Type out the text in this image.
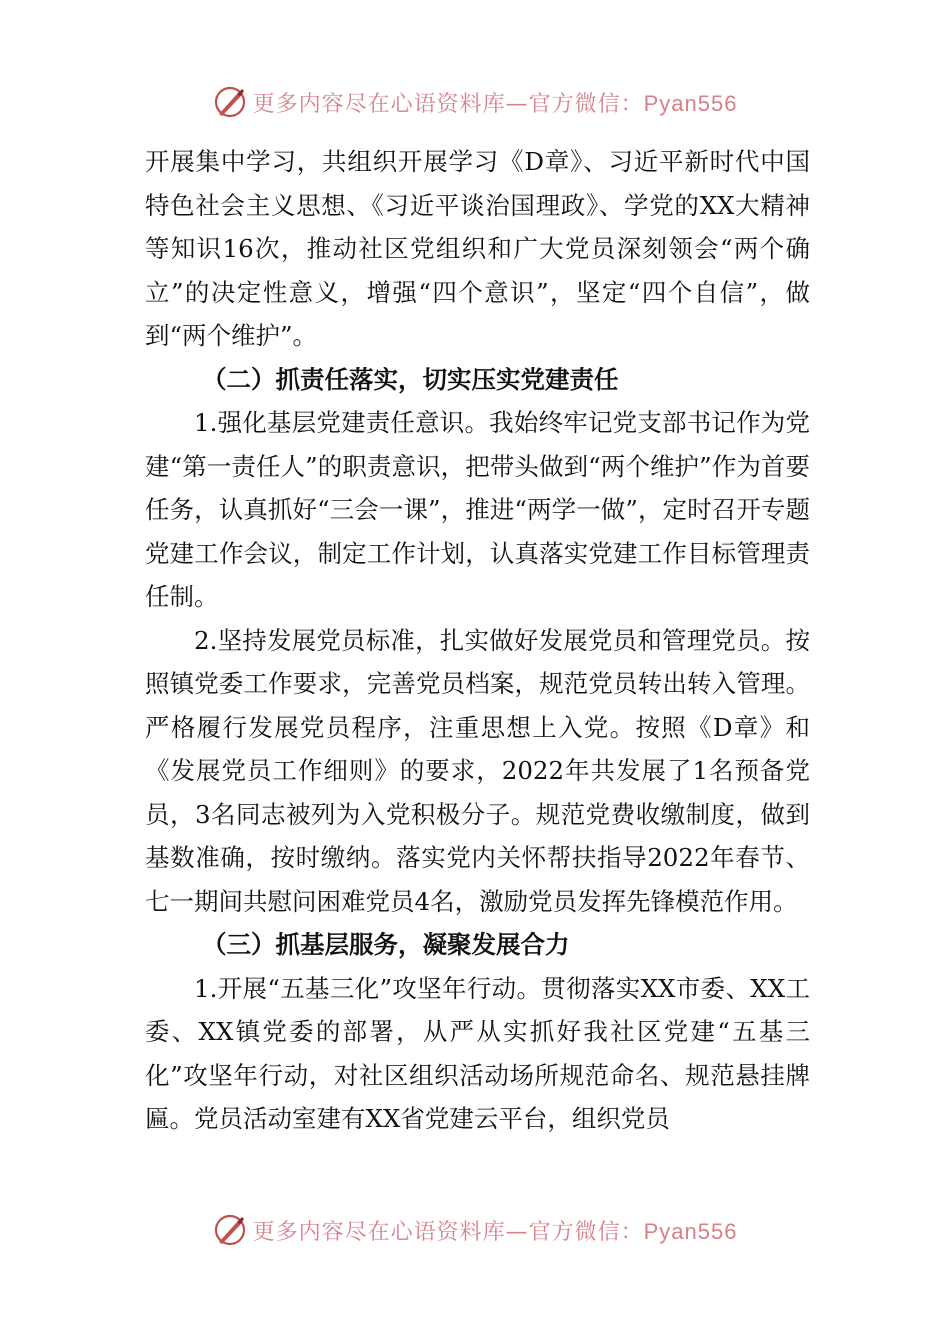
更多内容尽在心语资料库—官方微信：Pyan556

开展集中学习，共组织开展学习《D章》、习近平新时代中国特色社会主义思想、《习近平谈治国理政》、学党的XX大精神等知识16次，推动社区党组织和广大党员深刻领会“两个确立”的决定性意义，增强“四个意识”，坚定“四个自信”，做到“两个维护”。

（二）抓责任落实，切实压实党建责任

1.强化基层党建责任意识。我始终牢记党支部书记作为党建“第一责任人”的职责意识，把带头做到“两个维护”作为首要任务，认真抓好“三会一课”，推进“两学一做”，定时召开专题党建工作会议，制定工作计划，认真落实党建工作目标管理责任制。

2.坚持发展党员标准，扎实做好发展党员和管理党员。按照镇党委工作要求，完善党员档案，规范党员转出转入管理。严格履行发展党员程序，注重思想上入党。按照《D章》和《发展党员工作细则》的要求，2022年共发展了1名预备党员，3名同志被列为入党积极分子。规范党费收缴制度，做到基数准确，按时缴纳。落实党内关怀帮扶指导2022年春节、七一期间共慰问困难党员4名，激励党员发挥先锋模范作用。

（三）抓基层服务，凝聚发展合力

1.开展“五基三化”攻坚年行动。贯彻落实XX市委、XX工委、XX镇党委的部署，从严从实抓好我社区党建“五基三化”攻坚年行动，对社区组织活动场所规范命名、规范悬挂牌匾。党员活动室建有XX省党建云平台，组织党员

更多内容尽在心语资料库—官方微信：Pyan556
